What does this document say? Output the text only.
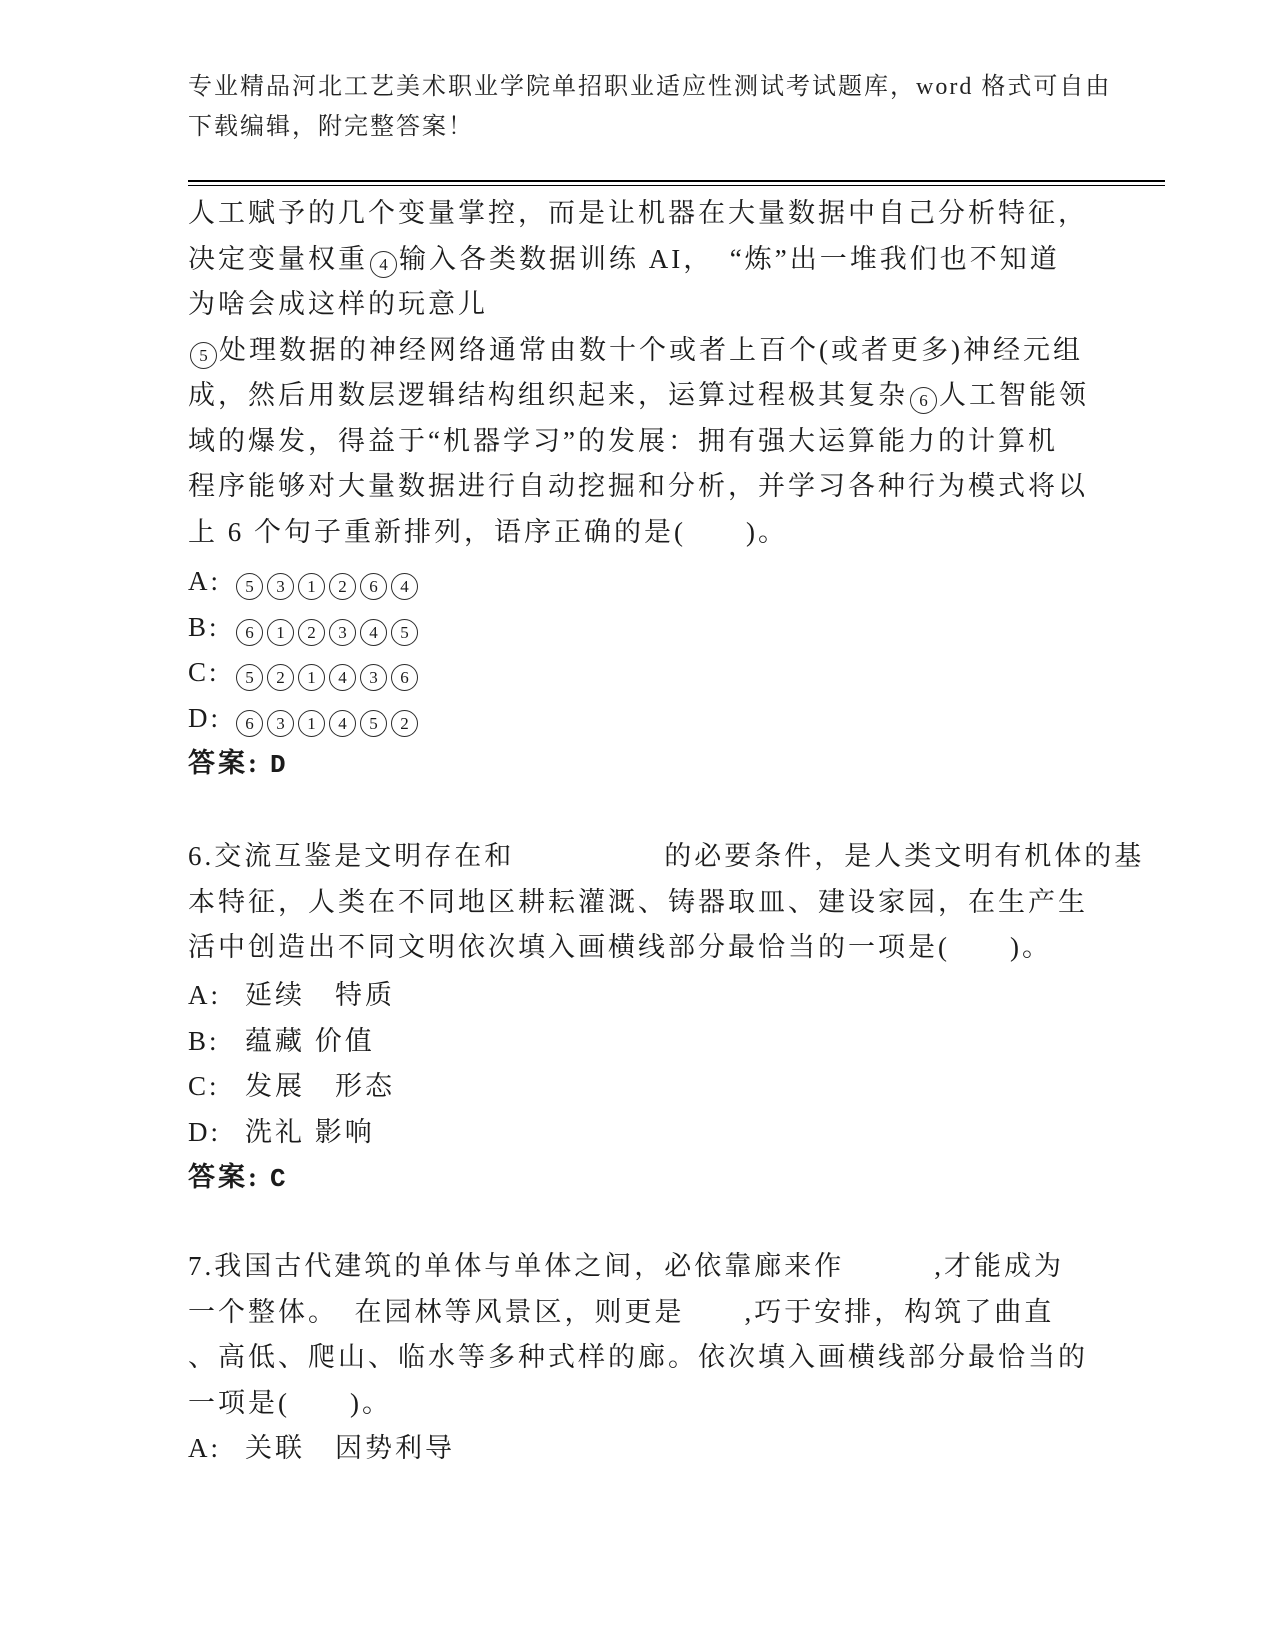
专业精品河北工艺美术职业学院单招职业适应性测试考试题库，word 格式可自由
下载编辑，附完整答案！
人工赋予的几个变量掌控，而是让机器在大量数据中自己分析特征，
决定变量权重 4 输入各类数据训练 AI，　“炼”出一堆我们也不知道
为啥会成这样的玩意儿
5 处理数据的神经网络通常由数十个或者上百个(或者更多)神经元组
成，然后用数层逻辑结构组织起来，运算过程极其复杂 6 人工智能领
域的爆发，得益于“机器学习”的发展：拥有强大运算能力的计算机
程序能够对大量数据进行自动挖掘和分析，并学习各种行为模式将以
上 6 个句子重新排列，语序正确的是(　　)。
A: 5 3 1 2 6 4
B: 6 1 2 3 4 5
C: 5 2 1 4 3 6
D: 6 3 1 4 5 2
答案: D
6.交流互鉴是文明存在和　　　　　的必要条件，是人类文明有机体的基
本特征，人类在不同地区耕耘灌溉、铸器取皿、建设家园，在生产生
活中创造出不同文明依次填入画横线部分最恰当的一项是(　　)。
A: 延续　特质
B: 蕴藏 价值
C: 发展　形态
D: 洗礼 影响
答案: C
7.我国古代建筑的单体与单体之间，必依靠廊来作　　　,才能成为
一个整体。　在园林等风景区，则更是　　,巧于安排，构筑了曲直
、高低、爬山、临水等多种式样的廊。依次填入画横线部分最恰当的
一项是(　　)。
A: 关联　因势利导
